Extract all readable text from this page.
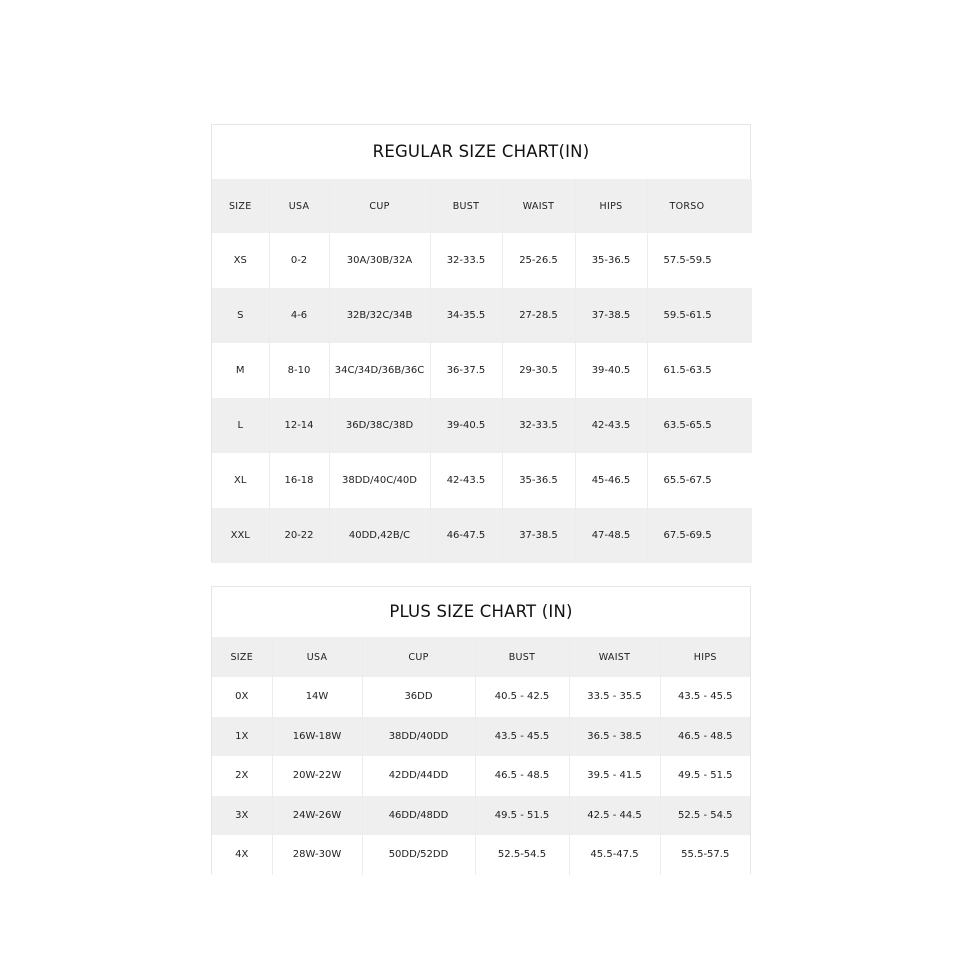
REGULAR SIZE CHART(IN)
SIZE	USA	CUP	BUST	WAIST	HIPS	TORSO
XS	0-2	30A/30B/32A	32-33.5	25-26.5	35-36.5	57.5-59.5
S	4-6	32B/32C/34B	34-35.5	27-28.5	37-38.5	59.5-61.5
M	8-10	34C/34D/36B/36C	36-37.5	29-30.5	39-40.5	61.5-63.5
L	12-14	36D/38C/38D	39-40.5	32-33.5	42-43.5	63.5-65.5
XL	16-18	38DD/40C/40D	42-43.5	35-36.5	45-46.5	65.5-67.5
XXL	20-22	40DD,42B/C	46-47.5	37-38.5	47-48.5	67.5-69.5
PLUS SIZE CHART (IN)
SIZE	USA	CUP	BUST	WAIST	HIPS
0X	14W	36DD	40.5 - 42.5	33.5 - 35.5	43.5 - 45.5
1X	16W-18W	38DD/40DD	43.5 - 45.5	36.5 - 38.5	46.5 - 48.5
2X	20W-22W	42DD/44DD	46.5 - 48.5	39.5 - 41.5	49.5 - 51.5
3X	24W-26W	46DD/48DD	49.5 - 51.5	42.5 - 44.5	52.5 - 54.5
4X	28W-30W	50DD/52DD	52.5-54.5	45.5-47.5	55.5-57.5
